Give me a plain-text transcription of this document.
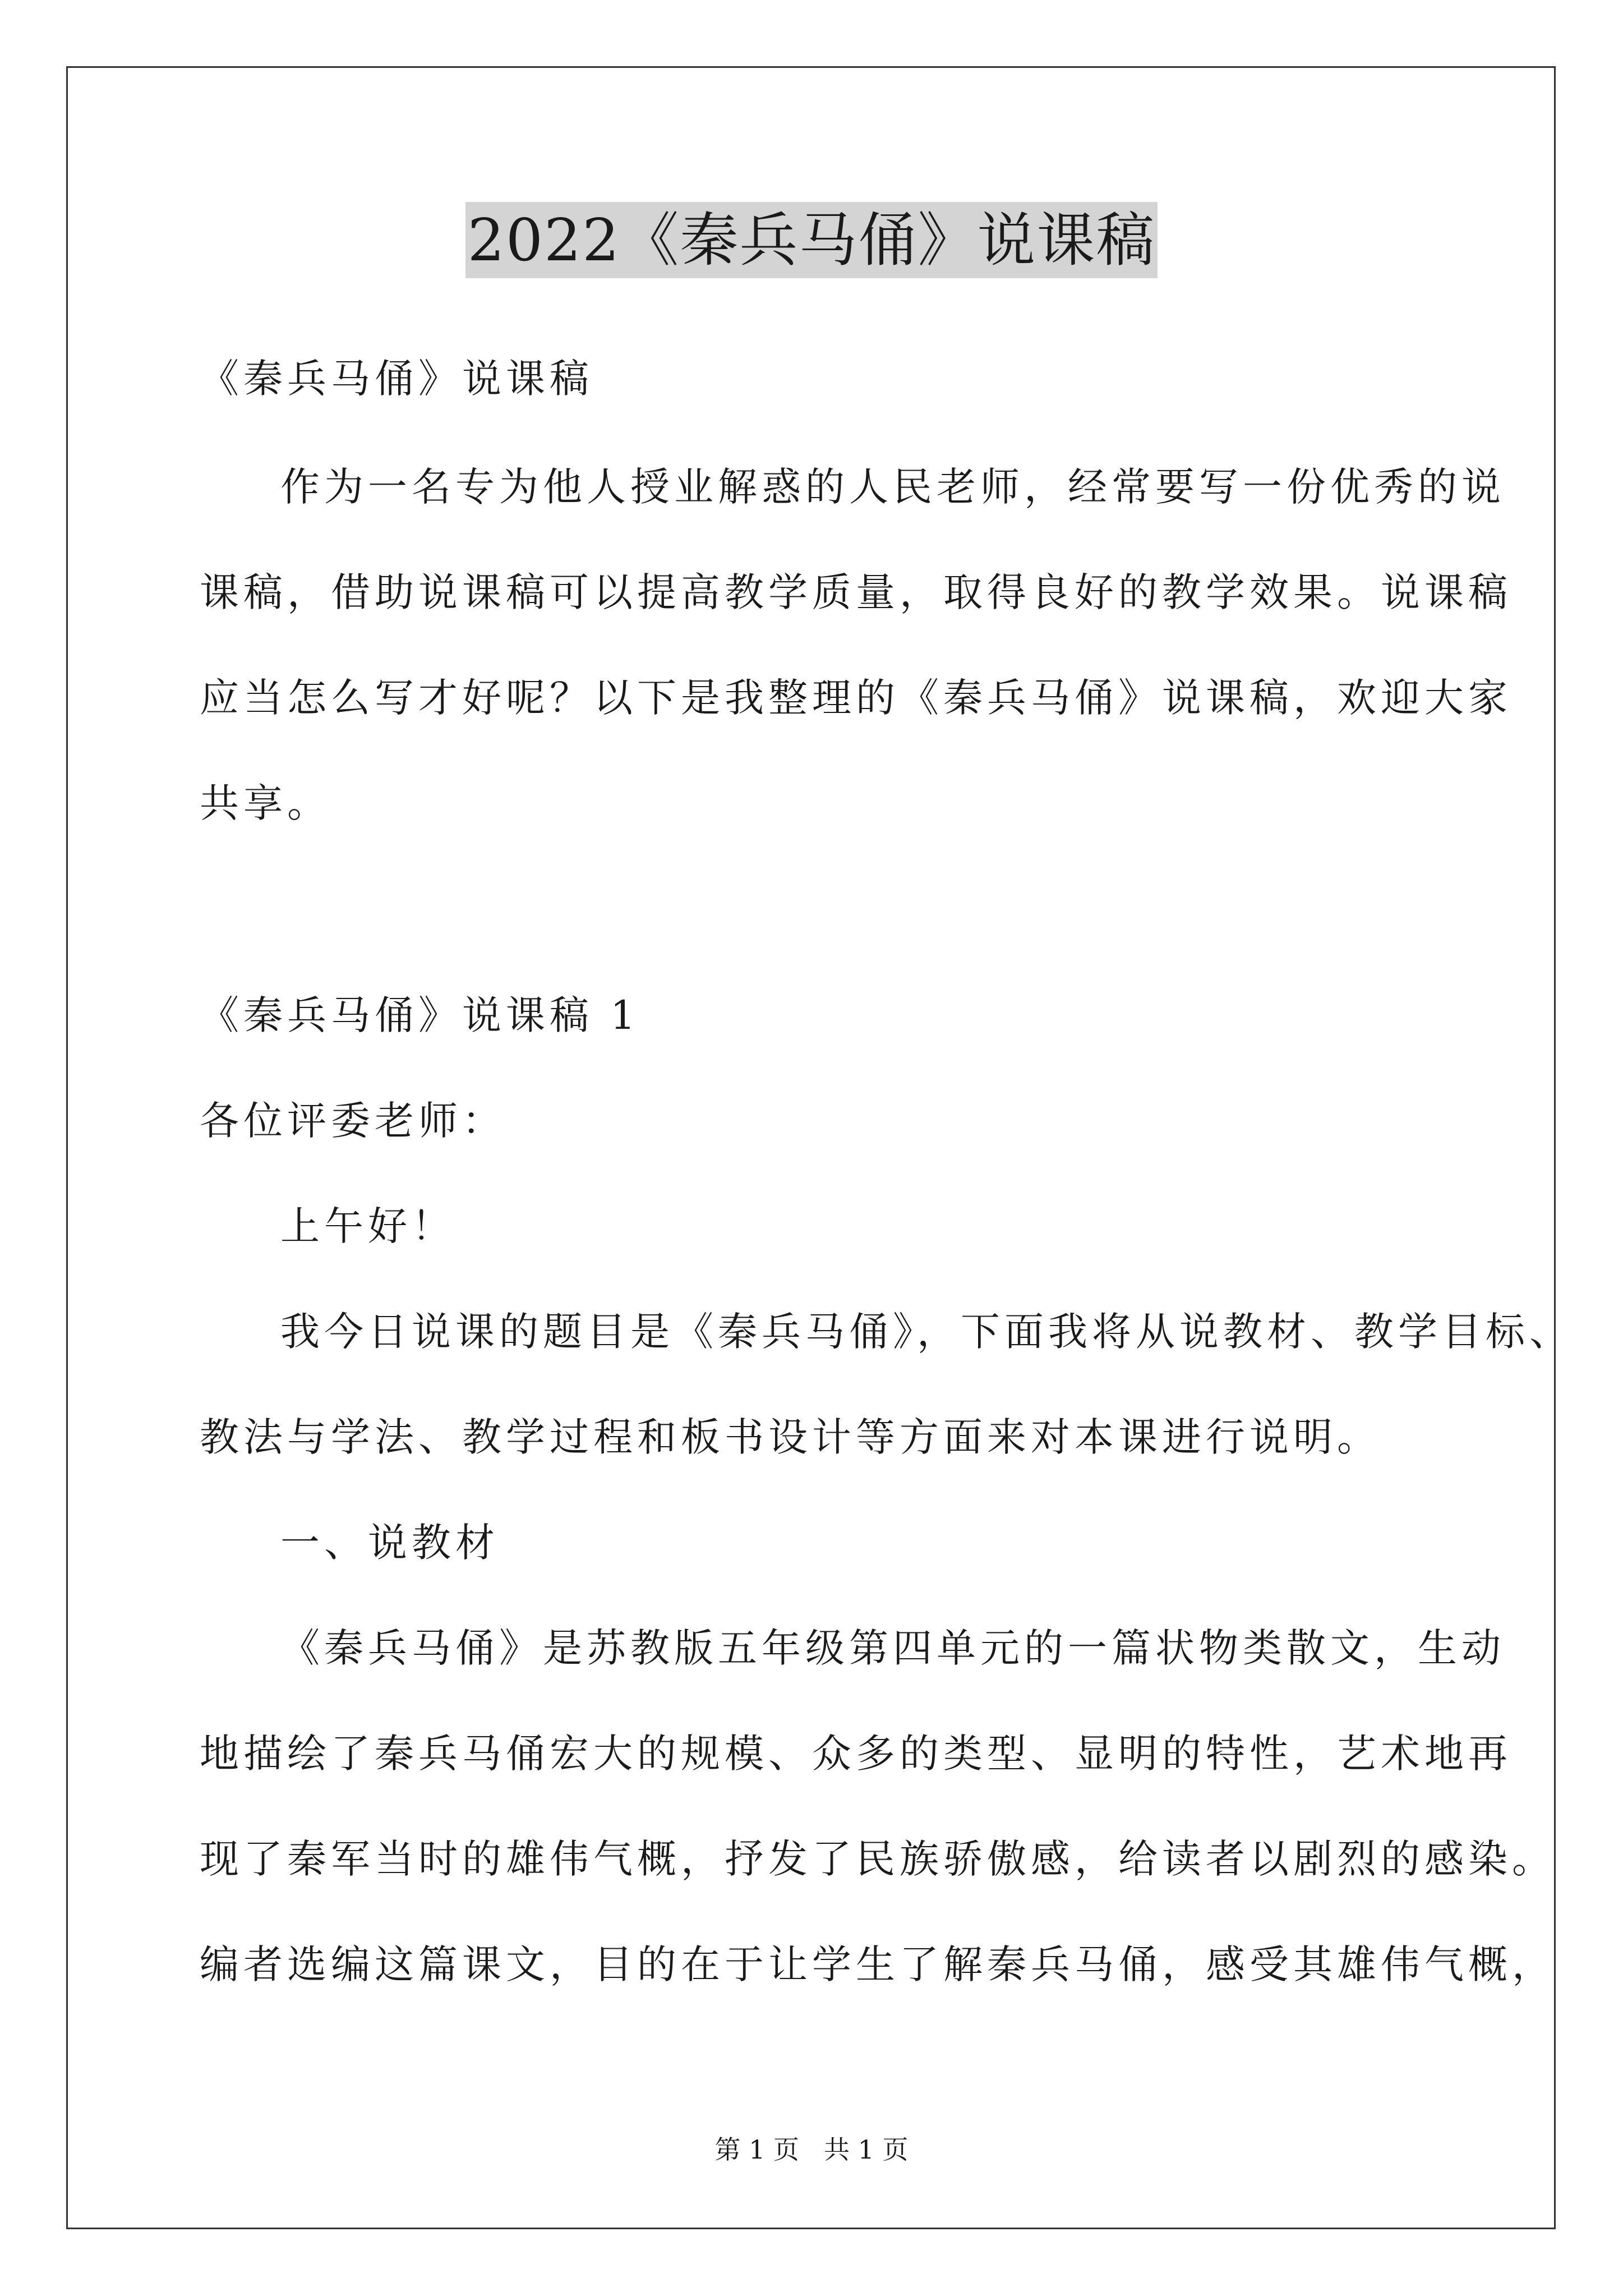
2022《秦兵马俑》说课稿
《秦兵马俑》说课稿
作为一名专为他人授业解惑的人民老师，经常要写一份优秀的说
课稿，借助说课稿可以提高教学质量，取得良好的教学效果。说课稿
应当怎么写才好呢？以下是我整理的《秦兵马俑》说课稿，欢迎大家
共享。
《秦兵马俑》说课稿 1
各位评委老师：
上午好！
我今日说课的题目是《秦兵马俑》，下面我将从说教材、教学目标、
教法与学法、教学过程和板书设计等方面来对本课进行说明。
一、说教材
《秦兵马俑》是苏教版五年级第四单元的一篇状物类散文，生动
地描绘了秦兵马俑宏大的规模、众多的类型、显明的特性，艺术地再
现了秦军当时的雄伟气概，抒发了民族骄傲感，给读者以剧烈的感染。
编者选编这篇课文，目的在于让学生了解秦兵马俑，感受其雄伟气概，
第 1 页 共 1 页
